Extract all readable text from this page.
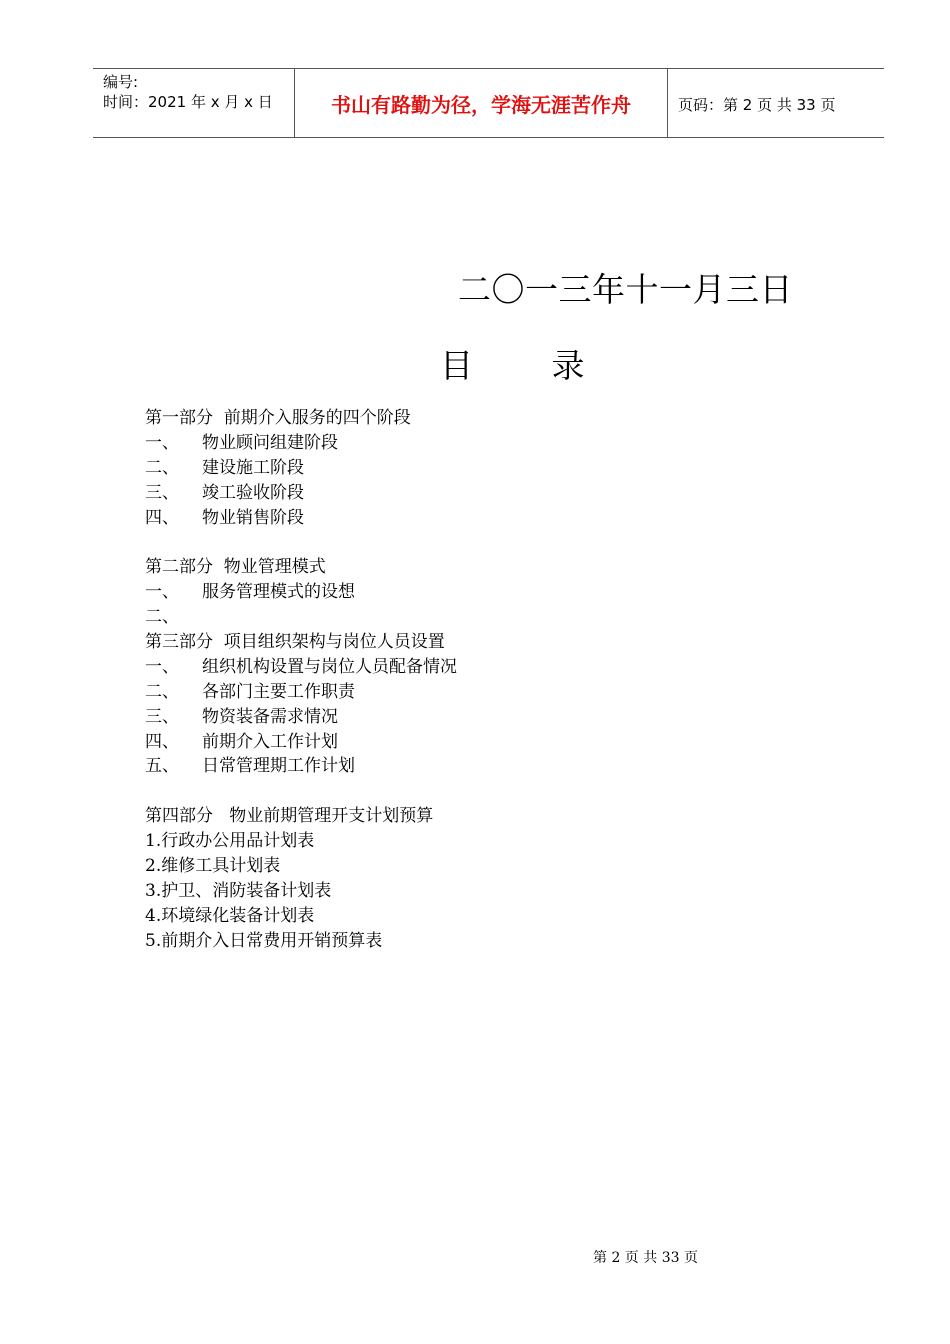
编号:
时间：2021 年 x 月 x 日	书山有路勤为径，学海无涯苦作舟	页码：第 2 页 共 33 页
二〇一三年十一月三日
目 录
第一部分  前期介入服务的四个阶段
一、 物业顾问组建阶段
二、 建设施工阶段
三、 竣工验收阶段
四、 物业销售阶段
第二部分  物业管理模式
一、 服务管理模式的设想
二、
第三部分  项目组织架构与岗位人员设置
一、 组织机构设置与岗位人员配备情况
二、 各部门主要工作职责
三、 物资装备需求情况
四、 前期介入工作计划
五、 日常管理期工作计划
第四部分   物业前期管理开支计划预算
1.行政办公用品计划表
2.维修工具计划表
3.护卫、消防装备计划表
4.环境绿化装备计划表
5.前期介入日常费用开销预算表
第 2 页 共 33 页
